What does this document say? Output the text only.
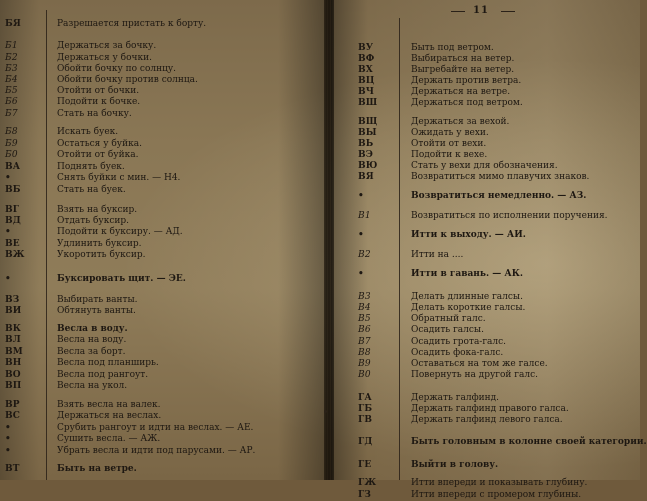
БЯ	Разрешается пристать к борту.
Б1	Держаться за бочку.
Б2	Держаться у бочки.
Б3	Обойти бочку по солнцу.
Б4	Обойти бочку против солнца.
Б5	Отойти от бочки.
Б6	Подойти к бочке.
Б7	Стать на бочку.
Б8	Искать буек.
Б9	Остаться у буйка.
Б0	Отойти от буйка.
ВА	Поднять буек.
•	Снять буйки с мин. — Н4.
ВБ	Стать на буек.
ВГ	Взять на буксир.
ВД	Отдать буксир.
•	Подойти к буксиру. — АД.
ВЕ	Удлинить буксир.
ВЖ	Укоротить буксир.
•	Буксировать щит. — ЭЕ.
ВЗ	Выбирать ванты.
ВИ	Обтянуть ванты.
ВК	Весла в воду.
ВЛ	Весла на воду.
ВМ	Весла за борт.
ВН	Весла под планширь.
ВО	Весла под рангоут.
ВП	Весла на укол.
ВР	Взять весла на валек.
ВС	Держаться на веслах.
•	Срубить рангоут и идти на веслах. — АЕ.
•	Сушить весла. — АЖ.
•	Убрать весла и идти под парусами. — АР.
ВТ	Быть на ветре.
11
ВУ	Быть под ветром.
ВФ	Выбираться на ветер.
ВХ	Выгребайте на ветер.
ВЦ	Держать против ветра.
ВЧ	Держаться на ветре.
ВШ	Держаться под ветром.
ВЩ	Держаться за вехой.
ВЫ	Ожидать у вехи.
ВЬ	Отойти от вехи.
ВЭ	Подойти к вехе.
ВЮ	Стать у вехи для обозначения.
ВЯ	Возвратиться мимо плавучих знаков.
•	Возвратиться немедленно. — АЗ.
В1	Возвратиться по исполнении поручения.
•	Итти к выходу. — АИ.
В2	Итти на ....
•	Итти в гавань. — АК.
В3	Делать длинные галсы.
В4	Делать короткие галсы.
В5	Обратный галс.
В6	Осадить галсы.
В7	Осадить грота-галс.
В8	Осадить фока-галс.
В9	Оставаться на том же галсе.
В0	Повернуть на другой галс.
ГА	Держать галфинд.
ГБ	Держать галфинд правого галса.
ГВ	Держать галфинд левого галса.
ГД	Быть головным в колонне своей категории.
ГЕ	Выйти в голову.
ГЖ	Итти впереди и показывать глубину.
ГЗ	Итти впереди с промером глубины.
